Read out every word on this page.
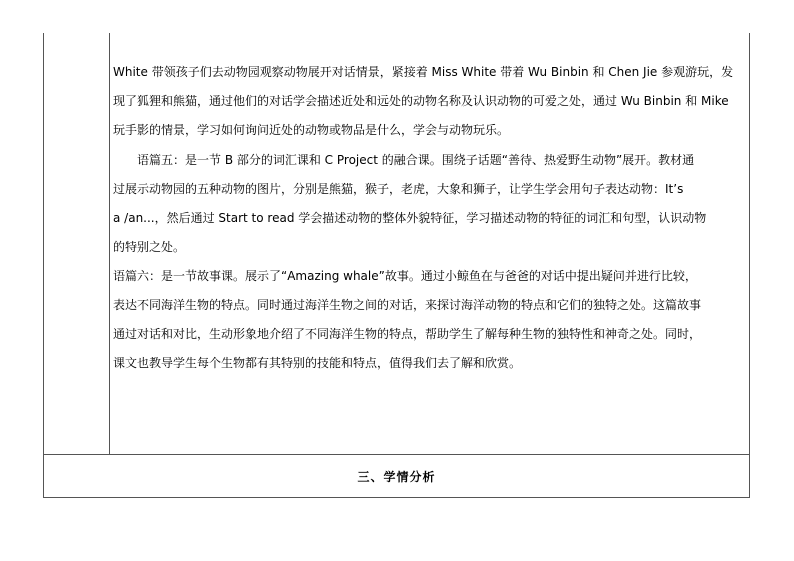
White 带领孩子们去动物园观察动物展开对话情景，紧接着 Miss White 带着 Wu Binbin 和 Chen Jie 参观游玩，发
现了狐狸和熊猫，通过他们的对话学会描述近处和远处的动物名称及认识动物的可爱之处，通过 Wu Binbin 和 Mike
玩手影的情景，学习如何询问近处的动物或物品是什么，学会与动物玩乐。
语篇五：是一节 B 部分的词汇课和 C Project 的融合课。围绕子话题“善待、热爱野生动物”展开。教材通
过展示动物园的五种动物的图片，分别是熊猫，猴子，老虎，大象和狮子，让学生学会用句子表达动物：It’s
a /an...，然后通过 Start to read 学会描述动物的整体外貌特征，学习描述动物的特征的词汇和句型，认识动物
的特别之处。
语篇六：是一节故事课。展示了“Amazing whale”故事。通过小鲸鱼在与爸爸的对话中提出疑问并进行比较，
表达不同海洋生物的特点。同时通过海洋生物之间的对话，来探讨海洋动物的特点和它们的独特之处。这篇故事
通过对话和对比，生动形象地介绍了不同海洋生物的特点，帮助学生了解每种生物的独特性和神奇之处。同时，
课文也教导学生每个生物都有其特别的技能和特点，值得我们去了解和欣赏。
三、学情分析
